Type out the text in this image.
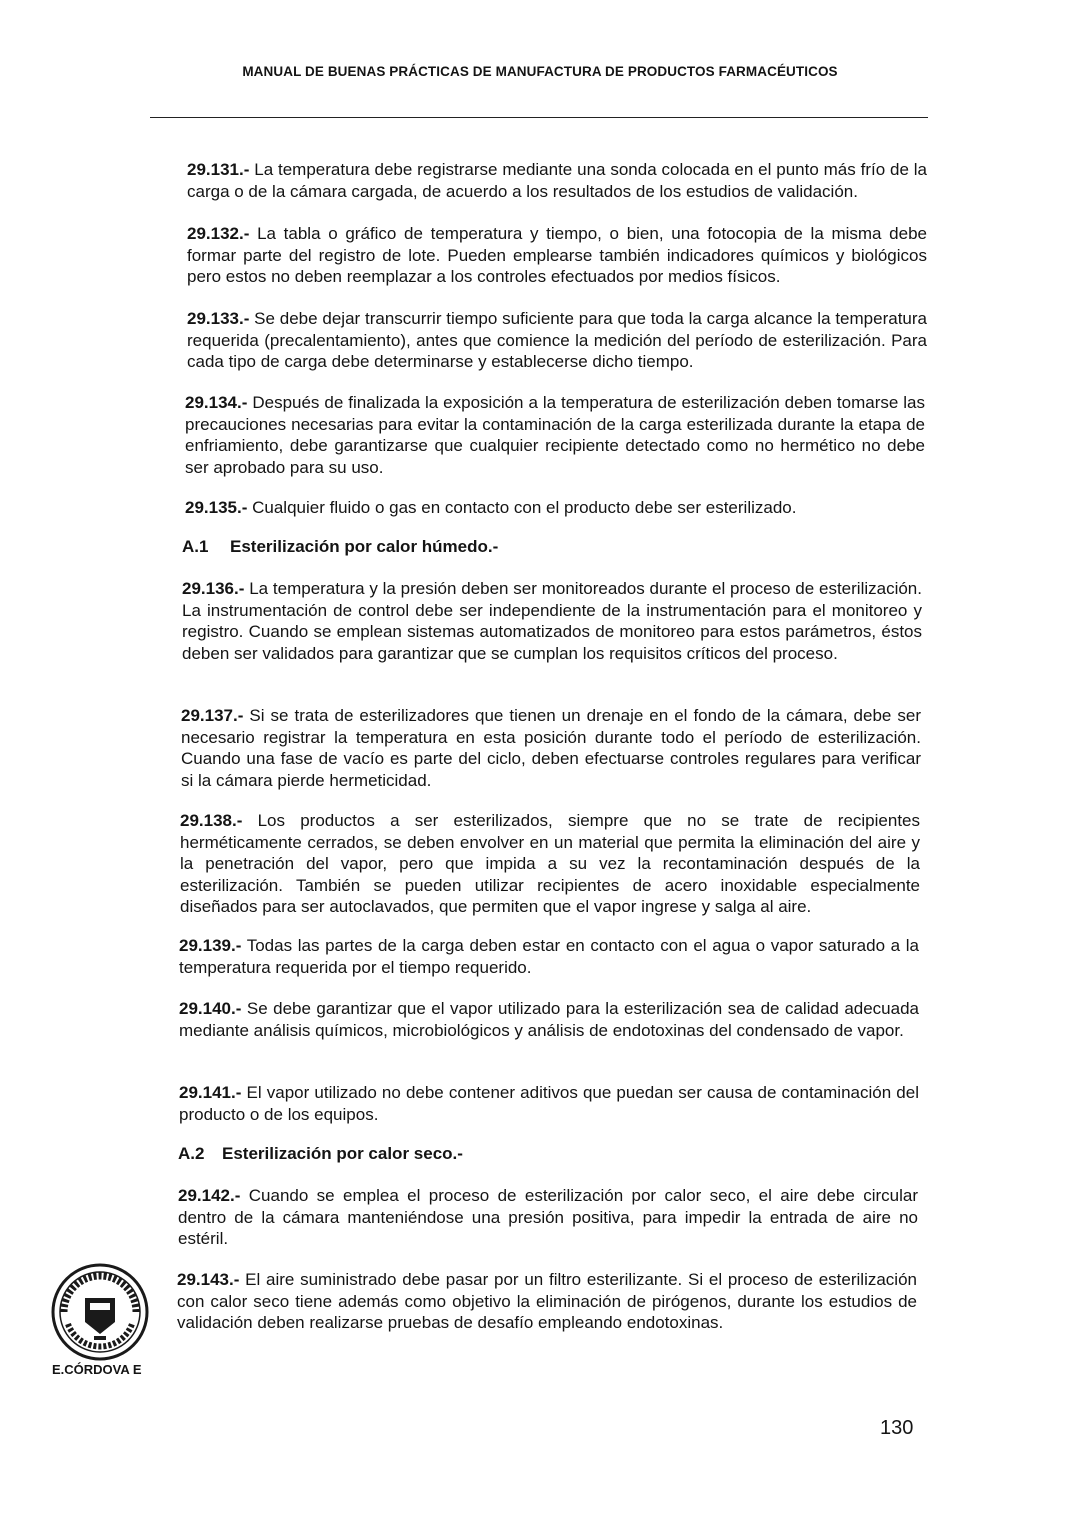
MANUAL DE BUENAS PRÁCTICAS DE MANUFACTURA DE PRODUCTOS FARMACÉUTICOS

29.131.- La temperatura debe registrarse mediante una sonda colocada en el punto más frío de la carga o de la cámara cargada, de acuerdo a los resultados de los estudios de validación.

29.132.- La tabla o gráfico de temperatura y tiempo, o bien, una fotocopia de la misma debe formar parte del registro de lote. Pueden emplearse también indicadores químicos y biológicos pero estos no deben reemplazar a los controles efectuados por medios físicos.

29.133.- Se debe dejar transcurrir tiempo suficiente para que toda la carga alcance la temperatura requerida (precalentamiento), antes que comience la medición del período de esterilización. Para cada tipo de carga debe determinarse y establecerse dicho tiempo.

29.134.- Después de finalizada la exposición a la temperatura de esterilización deben tomarse las precauciones necesarias para evitar la contaminación de la carga esterilizada durante la etapa de enfriamiento, debe garantizarse que cualquier recipiente detectado como no hermético no debe ser aprobado para su uso.

29.135.- Cualquier fluido o gas en contacto con el producto debe ser esterilizado.

A.1 Esterilización por calor húmedo.-

29.136.- La temperatura y la presión deben ser monitoreados durante el proceso de esterilización. La instrumentación de control debe ser independiente de la instrumentación para el monitoreo y registro. Cuando se emplean sistemas automatizados de monitoreo para estos parámetros, éstos deben ser validados para garantizar que se cumplan los requisitos críticos del proceso.

29.137.- Si se trata de esterilizadores que tienen un drenaje en el fondo de la cámara, debe ser necesario registrar la temperatura en esta posición durante todo el período de esterilización. Cuando una fase de vacío es parte del ciclo, deben efectuarse controles regulares para verificar si la cámara pierde hermeticidad.

29.138.- Los productos a ser esterilizados, siempre que no se trate de recipientes herméticamente cerrados, se deben envolver en un material que permita la eliminación del aire y la penetración del vapor, pero que impida a su vez la recontaminación después de la esterilización. También se pueden utilizar recipientes de acero inoxidable especialmente diseñados para ser autoclavados, que permiten que el vapor ingrese y salga al aire.

29.139.- Todas las partes de la carga deben estar en contacto con el agua o vapor saturado a la temperatura requerida por el tiempo requerido.

29.140.- Se debe garantizar que el vapor utilizado para la esterilización sea de calidad adecuada mediante análisis químicos, microbiológicos y análisis de endotoxinas del condensado de vapor.

29.141.- El vapor utilizado no debe contener aditivos que puedan ser causa de contaminación del producto o de los equipos.

A.2 Esterilización por calor seco.-

29.142.- Cuando se emplea el proceso de esterilización por calor seco, el aire debe circular dentro de la cámara manteniéndose una presión positiva, para impedir la entrada de aire no estéril.

29.143.- El aire suministrado debe pasar por un filtro esterilizante. Si el proceso de esterilización con calor seco tiene además como objetivo la eliminación de pirógenos, durante los estudios de validación deben realizarse pruebas de desafío empleando endotoxinas.

E.CÓRDOVA E
130
